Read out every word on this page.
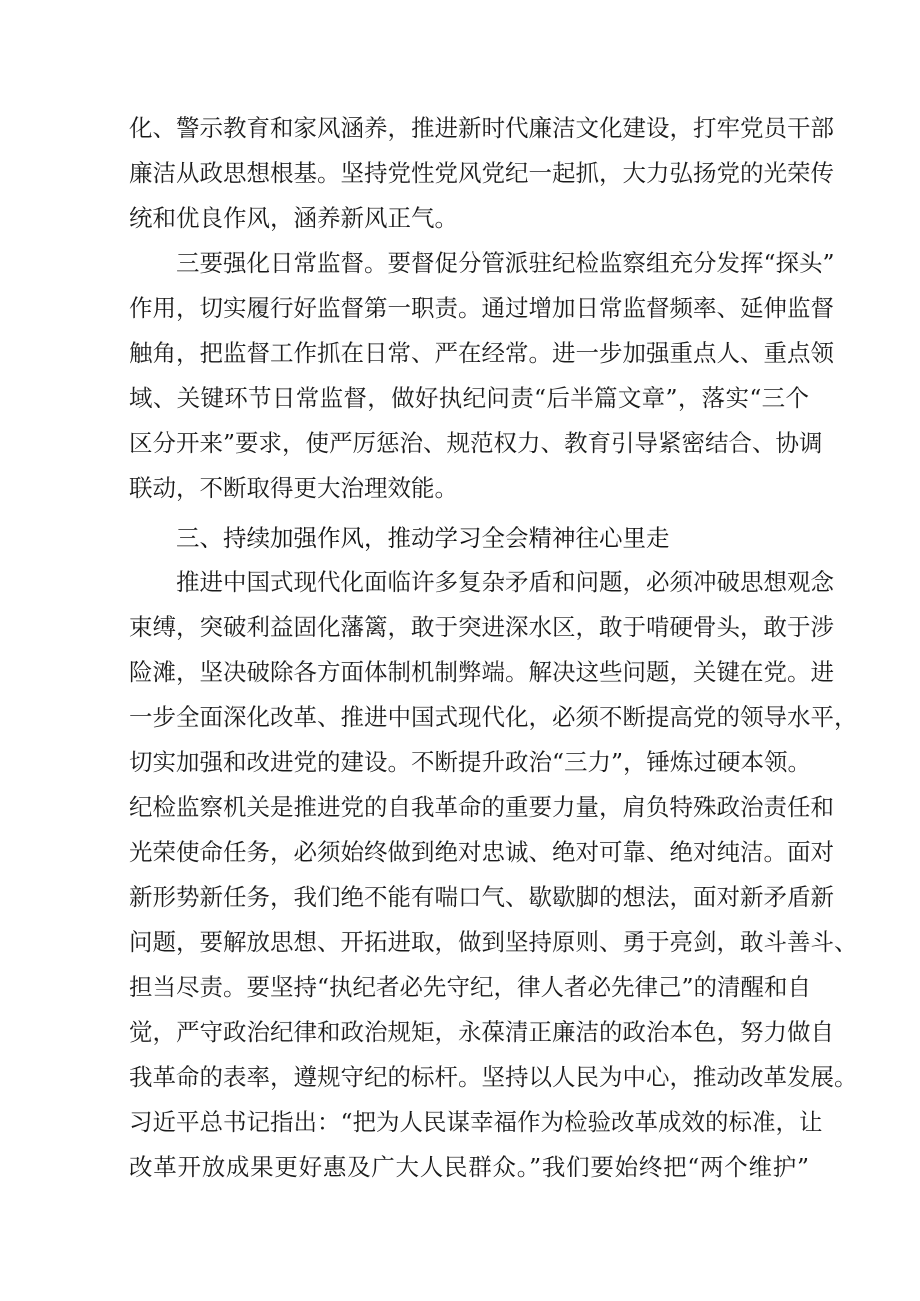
化、警示教育和家风涵养，推进新时代廉洁文化建设，打牢党员干部
廉洁从政思想根基。坚持党性党风党纪一起抓，大力弘扬党的光荣传
统和优良作风，涵养新风正气。
三要强化日常监督。要督促分管派驻纪检监察组充分发挥“探头”
作用，切实履行好监督第一职责。通过增加日常监督频率、延伸监督
触角，把监督工作抓在日常、严在经常。进一步加强重点人、重点领
域、关键环节日常监督，做好执纪问责“后半篇文章”，落实“三个
区分开来”要求，使严厉惩治、规范权力、教育引导紧密结合、协调
联动，不断取得更大治理效能。
三、持续加强作风，推动学习全会精神往心里走
推进中国式现代化面临许多复杂矛盾和问题，必须冲破思想观念
束缚，突破利益固化藩篱，敢于突进深水区，敢于啃硬骨头，敢于涉
险滩，坚决破除各方面体制机制弊端。解决这些问题，关键在党。进
一步全面深化改革、推进中国式现代化，必须不断提高党的领导水平，
切实加强和改进党的建设。不断提升政治“三力”，锤炼过硬本领。
纪检监察机关是推进党的自我革命的重要力量，肩负特殊政治责任和
光荣使命任务，必须始终做到绝对忠诚、绝对可靠、绝对纯洁。面对
新形势新任务，我们绝不能有喘口气、歇歇脚的想法，面对新矛盾新
问题，要解放思想、开拓进取，做到坚持原则、勇于亮剑，敢斗善斗、
担当尽责。要坚持“执纪者必先守纪，律人者必先律己”的清醒和自
觉，严守政治纪律和政治规矩，永葆清正廉洁的政治本色，努力做自
我革命的表率，遵规守纪的标杆。坚持以人民为中心，推动改革发展。
习近平总书记指出：“把为人民谋幸福作为检验改革成效的标准，让
改革开放成果更好惠及广大人民群众。”我们要始终把“两个维护”
